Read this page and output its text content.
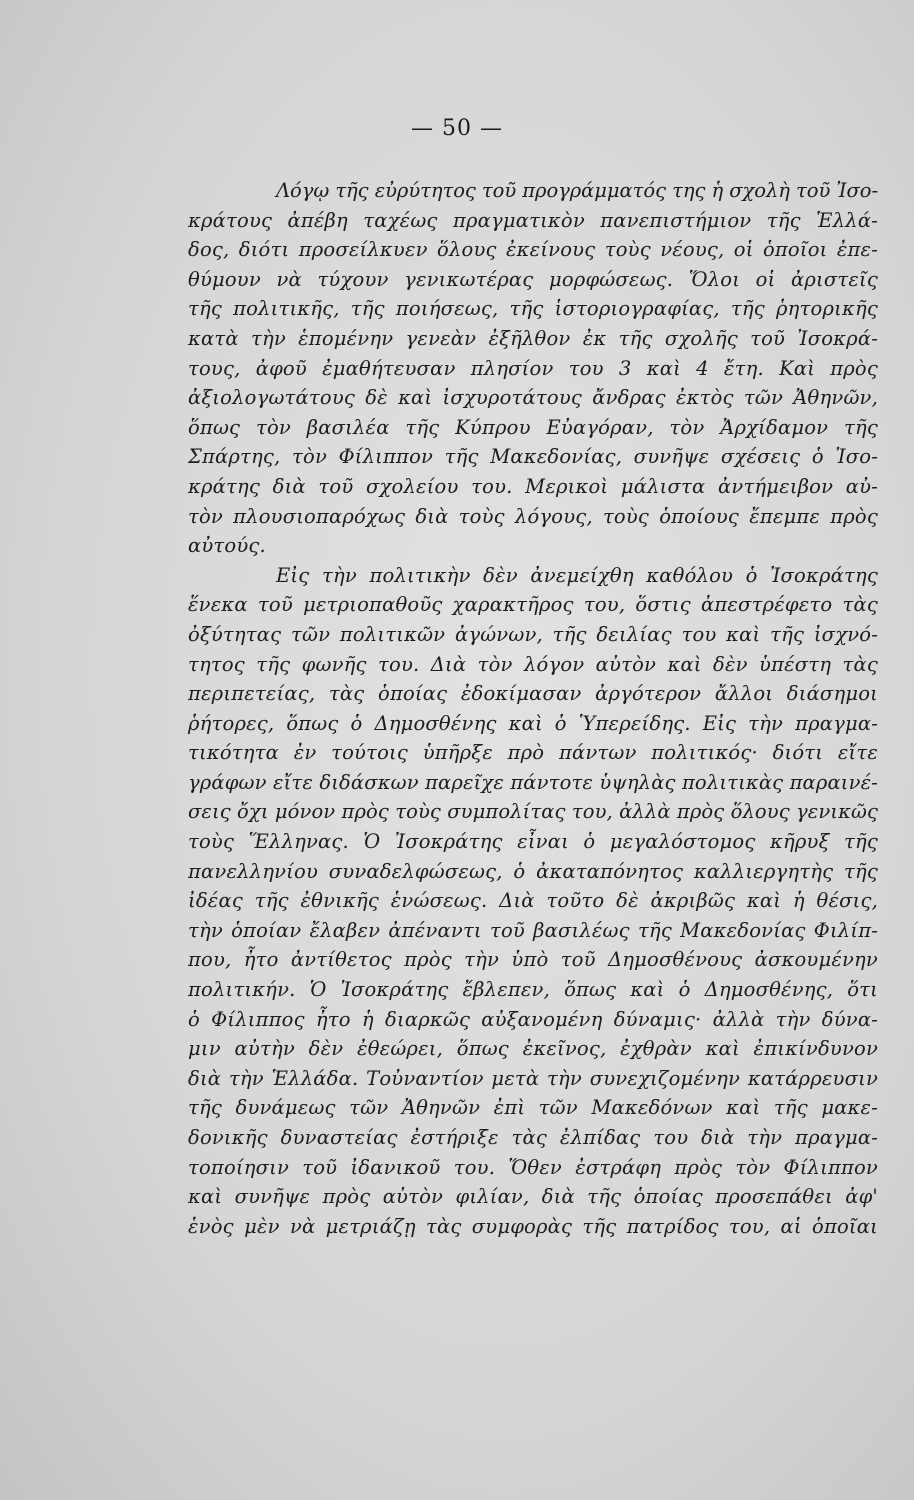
— 50 —

Λόγῳ τῆς εὐρύτητος τοῦ προγράμματός της ἡ σχολὴ τοῦ Ἰσο-
κράτους ἀπέβη ταχέως πραγματικὸν πανεπιστήμιον τῆς Ἑλλά-
δος, διότι προσείλκυεν ὅλους ἐκείνους τοὺς νέους, οἱ ὁποῖοι ἐπε-
θύμουν νὰ τύχουν γενικωτέρας μορφώσεως. Ὅλοι οἱ ἀριστεῖς
τῆς πολιτικῆς, τῆς ποιήσεως, τῆς ἱστοριογραφίας, τῆς ῥητορικῆς
κατὰ τὴν ἑπομένην γενεὰν ἐξῆλθον ἐκ τῆς σχολῆς τοῦ Ἰσοκρά-
τους, ἀφοῦ ἐμαθήτευσαν πλησίον του 3 καὶ 4 ἔτη. Καὶ πρὸς
ἀξιολογωτάτους δὲ καὶ ἰσχυροτάτους ἄνδρας ἐκτὸς τῶν Ἀθηνῶν,
ὅπως τὸν βασιλέα τῆς Κύπρου Εὐαγόραν, τὸν Ἀρχίδαμον τῆς
Σπάρτης, τὸν Φίλιππον τῆς Μακεδονίας, συνῆψε σχέσεις ὁ Ἰσο-
κράτης διὰ τοῦ σχολείου του. Μερικοὶ μάλιστα ἀντήμειβον αὐ-
τὸν πλουσιοπαρόχως διὰ τοὺς λόγους, τοὺς ὁποίους ἔπεμπε πρὸς
αὐτούς.

Εἰς τὴν πολιτικὴν δὲν ἀνεμείχθη καθόλου ὁ Ἰσοκράτης
ἕνεκα τοῦ μετριοπαθοῦς χαρακτῆρος του, ὅστις ἀπεστρέφετο τὰς
ὀξύτητας τῶν πολιτικῶν ἀγώνων, τῆς δειλίας του καὶ τῆς ἰσχνό-
τητος τῆς φωνῆς του. Διὰ τὸν λόγον αὐτὸν καὶ δὲν ὑπέστη τὰς
περιπετείας, τὰς ὁποίας ἐδοκίμασαν ἀργότερον ἄλλοι διάσημοι
ῥήτορες, ὅπως ὁ Δημοσθένης καὶ ὁ Ὑπερείδης. Εἰς τὴν πραγμα-
τικότητα ἐν τούτοις ὑπῆρξε πρὸ πάντων πολιτικός· διότι εἴτε
γράφων εἴτε διδάσκων παρεῖχε πάντοτε ὑψηλὰς πολιτικὰς παραινέ-
σεις ὄχι μόνον πρὸς τοὺς συμπολίτας του, ἀλλὰ πρὸς ὅλους γενικῶς
τοὺς Ἕλληνας. Ὁ Ἰσοκράτης εἶναι ὁ μεγαλόστομος κῆρυξ τῆς
πανελληνίου συναδελφώσεως, ὁ ἀκαταπόνητος καλλιεργητὴς τῆς
ἰδέας τῆς ἐθνικῆς ἑνώσεως. Διὰ τοῦτο δὲ ἀκριβῶς καὶ ἡ θέσις,
τὴν ὁποίαν ἔλαβεν ἀπέναντι τοῦ βασιλέως τῆς Μακεδονίας Φιλίπ-
που, ἦτο ἀντίθετος πρὸς τὴν ὑπὸ τοῦ Δημοσθένους ἀσκουμένην
πολιτικήν. Ὁ Ἰσοκράτης ἔβλεπεν, ὅπως καὶ ὁ Δημοσθένης, ὅτι
ὁ Φίλιππος ἦτο ἡ διαρκῶς αὐξανομένη δύναμις· ἀλλὰ τὴν δύνα-
μιν αὐτὴν δὲν ἐθεώρει, ὅπως ἐκεῖνος, ἐχθρὰν καὶ ἐπικίνδυνον
διὰ τὴν Ἑλλάδα. Τοὐναντίον μετὰ τὴν συνεχιζομένην κατάρρευσιν
τῆς δυνάμεως τῶν Ἀθηνῶν ἐπὶ τῶν Μακεδόνων καὶ τῆς μακε-
δονικῆς δυναστείας ἐστήριξε τὰς ἐλπίδας του διὰ τὴν πραγμα-
τοποίησιν τοῦ ἰδανικοῦ του. Ὅθεν ἐστράφη πρὸς τὸν Φίλιππον
καὶ συνῆψε πρὸς αὐτὸν φιλίαν, διὰ τῆς ὁποίας προσεπάθει ἀφ'
ἑνὸς μὲν νὰ μετριάζῃ τὰς συμφορὰς τῆς πατρίδος του, αἱ ὁποῖαι
